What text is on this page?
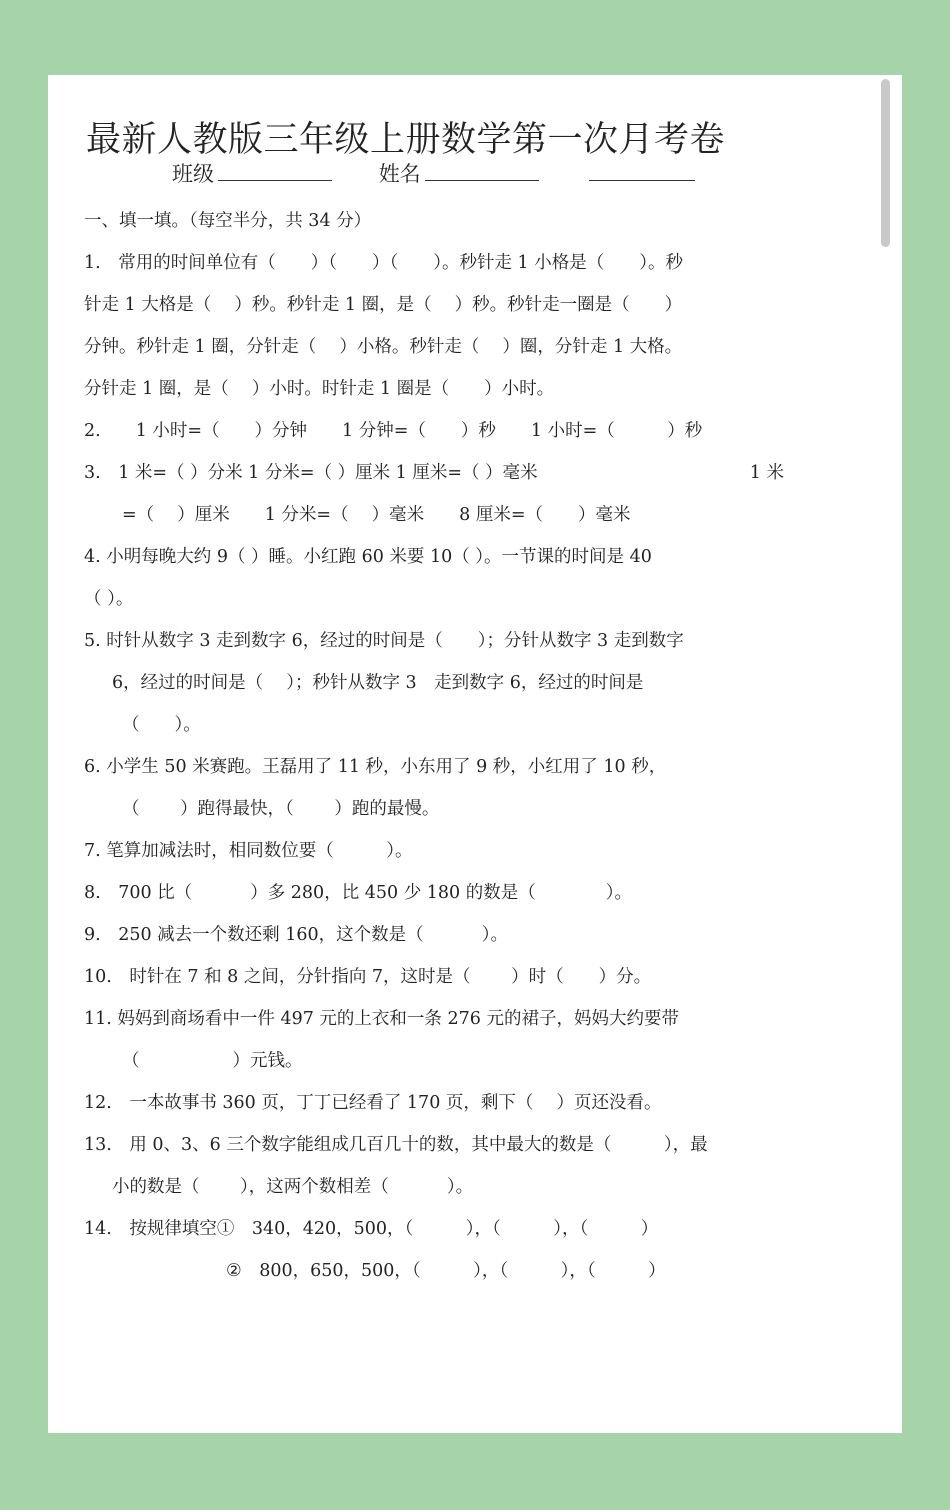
最新人教版三年级上册数学第一次月考卷
班级	姓名

一、填一填。（每空半分，共 34 分）

1.　常用的时间单位有（　　）（　　）（　　）。秒针走 1 小格是（　　）。秒

针走 1 大格是（　 ）秒。秒针走 1 圈，是（　 ）秒。秒针走一圈是（　　）

分钟。秒针走 1 圈，分针走（　 ）小格。秒针走（　 ）圈，分针走 1 大格。

分针走 1 圈，是（　 ）小时。时针走 1 圈是（　　）小时。

2.　　1 小时=（　　）分钟　　1 分钟=（　　）秒　　1 小时=（　　　）秒

3.　1 米=（ ）分米 1 分米=（ ）厘米 1 厘米=（ ）毫米	1 米

=（　 ）厘米　　1 分米=（　 ）毫米　　8 厘米=（　　）毫米

4. 小明每晚大约 9（ ）睡。小红跑 60 米要 10（ ）。一节课的时间是 40

（ ）。

5. 时针从数字 3 走到数字 6，经过的时间是（　　）；分针从数字 3 走到数字

6，经过的时间是（　 ）；秒针从数字 3　走到数字 6，经过的时间是

（　　）。

6. 小学生 50 米赛跑。王磊用了 11 秒，小东用了 9 秒，小红用了 10 秒，

（　　 ）跑得最快，（　　 ）跑的最慢。

7. 笔算加减法时，相同数位要（　　　）。

8.　700 比（　　　 ）多 280，比 450 少 180 的数是（　　　　）。

9.　250 减去一个数还剩 160，这个数是（　　　 ）。

10.　时针在 7 和 8 之间，分针指向 7，这时是（　　 ）时（　　）分。

11. 妈妈到商场看中一件 497 元的上衣和一条 276 元的裙子，妈妈大约要带

（　　　　　 ）元钱。

12.　一本故事书 360 页，丁丁已经看了 170 页，剩下（　 ）页还没看。

13.　用 0、3、6 三个数字能组成几百几十的数，其中最大的数是（　　　），最

小的数是（　　 ），这两个数相差（　　　 ）。

14.　按规律填空①　340，420，500，（　　　），（　　　），（　　　）

②　800，650，500，（　　　），（　　　），（　　　）
